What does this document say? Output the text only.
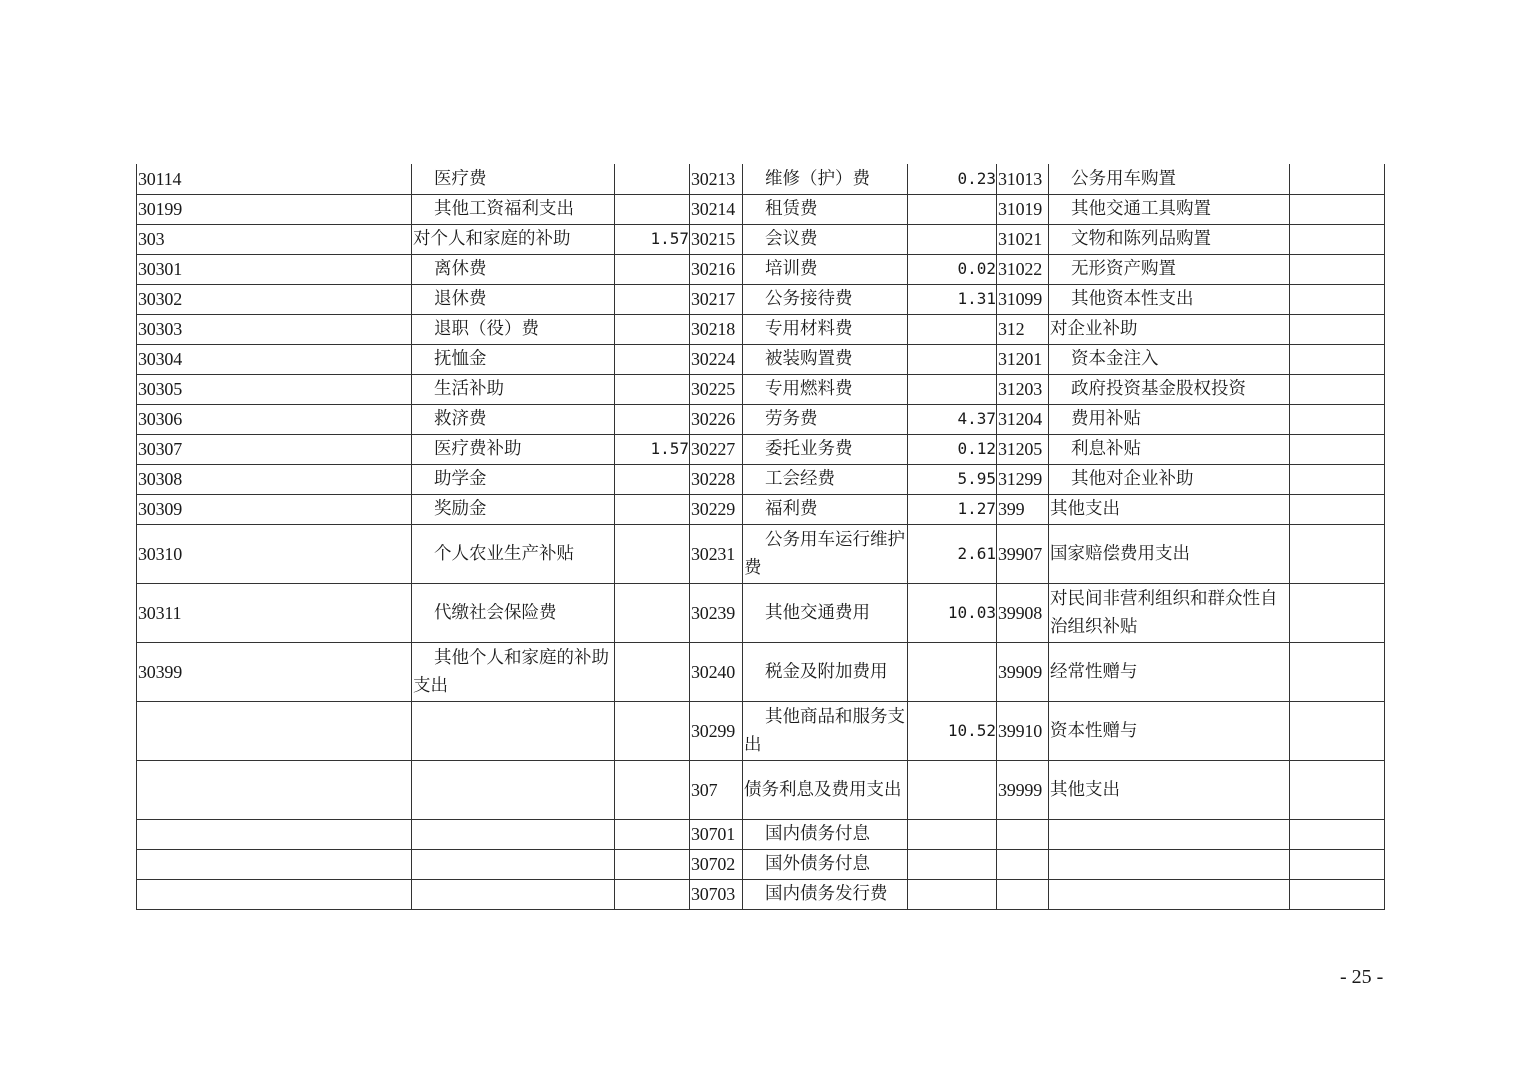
30114	医疗费		30213	维修（护）费	0.23	31013	公务用车购置	
30199	其他工资福利支出		30214	租赁费		31019	其他交通工具购置	
303	对个人和家庭的补助	1.57	30215	会议费		31021	文物和陈列品购置	
30301	离休费		30216	培训费	0.02	31022	无形资产购置	
30302	退休费		30217	公务接待费	1.31	31099	其他资本性支出	
30303	退职（役）费		30218	专用材料费		312	对企业补助	
30304	抚恤金		30224	被装购置费		31201	资本金注入	
30305	生活补助		30225	专用燃料费		31203	政府投资基金股权投资	
30306	救济费		30226	劳务费	4.37	31204	费用补贴	
30307	医疗费补助	1.57	30227	委托业务费	0.12	31205	利息补贴	
30308	助学金		30228	工会经费	5.95	31299	其他对企业补助	
30309	奖励金		30229	福利费	1.27	399	其他支出	
30310	个人农业生产补贴		30231	公务用车运行维护费	2.61	39907	国家赔偿费用支出	
30311	代缴社会保险费		30239	其他交通费用	10.03	39908	对民间非营利组织和群众性自治组织补贴	
30399	其他个人和家庭的补助支出		30240	税金及附加费用		39909	经常性赠与	
			30299	其他商品和服务支出	10.52	39910	资本性赠与	
			307	债务利息及费用支出		39999	其他支出	
			30701	国内债务付息				
			30702	国外债务付息				
			30703	国内债务发行费				
- 25 -
